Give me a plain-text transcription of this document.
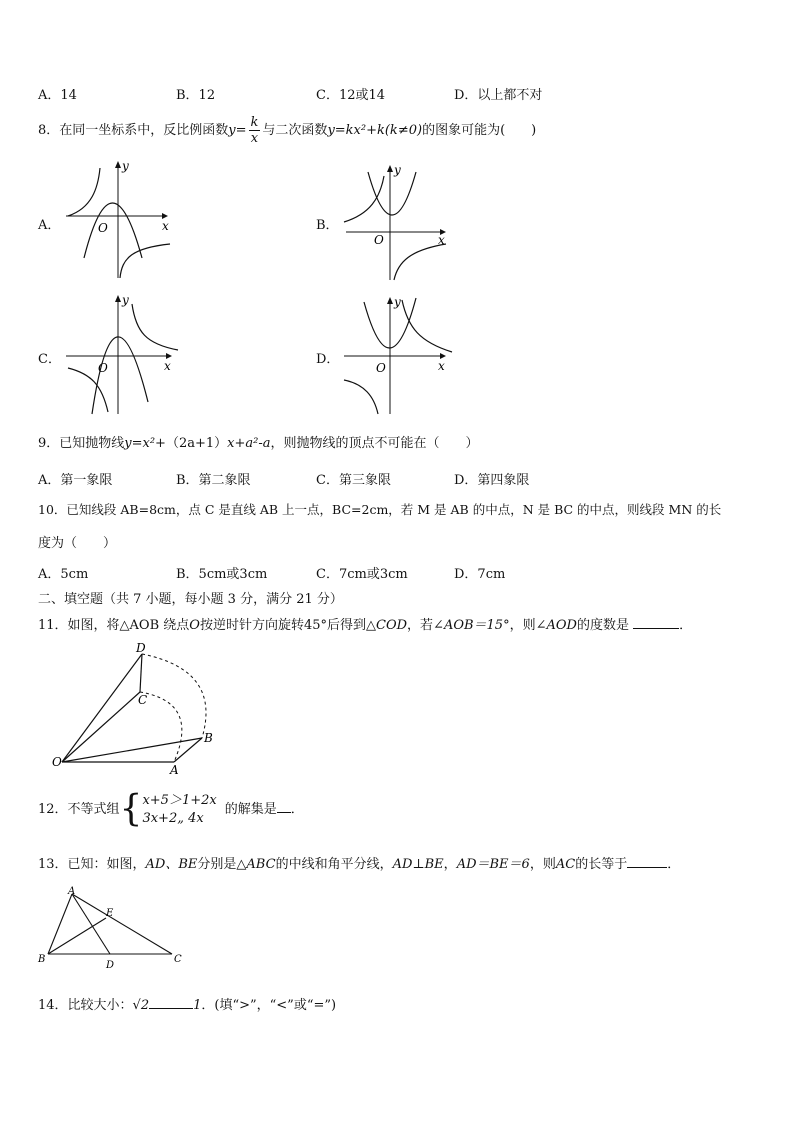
A．14	B．12	C．12或14	D．以上都不对
8．在同一坐标系中，反比例函数$y= \frac{k}{x}$ 与二次函数y=kx²+k(k≠0)的图象可能为(　　)
A．	B．
C．	D．
x
y
O
x
y
O
x
y
O	x
y
O
9．已知抛物线y=x²+（2a+1）x+a²-a，则抛物线的顶点不可能在（　　）
A．第一象限	B．第二象限	C．第三象限	D．第四象限
10．已知线段 AB=8cm，点 C 是直线 AB 上一点，BC=2cm，若 M 是 AB 的中点，N 是 BC 的中点，则线段 MN 的长
度为（　　）
A．5cm	B．5cm或3cm	C．7cm或3cm	D．7cm
二、填空题（共 7 小题，每小题 3 分，满分 21 分）
11．如图，将△AOB 绕点O按逆时针方向旋转45°后得到△COD，若∠AOB＝15°，则∠AOD的度数是	．
D
C
B
O
A
12．不等式组{ x+5＞1+2x
3x+2„ 4x
的解集是 ．
13．已知：如图，AD、BE分别是△ABC的中线和角平分线，AD⊥BE，AD＝BE＝6，则AC的长等于	．
A
E
B
D
C
14．比较大小：√2	1．(填“>”，“<”或“=”)
